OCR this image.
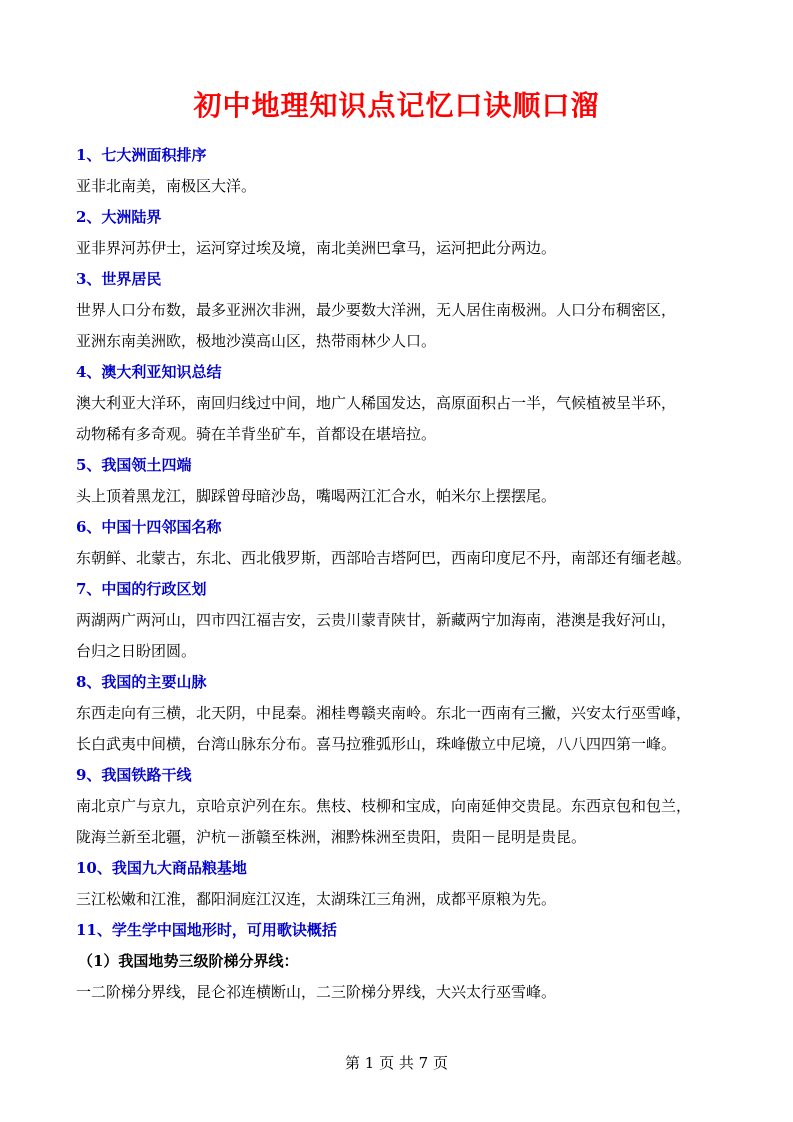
初中地理知识点记忆口诀顺口溜
1、七大洲面积排序
亚非北南美，南极区大洋。
2、大洲陆界
亚非界河苏伊士，运河穿过埃及境，南北美洲巴拿马，运河把此分两边。
3、世界居民
世界人口分布数，最多亚洲次非洲，最少要数大洋洲，无人居住南极洲。人口分布稠密区，
亚洲东南美洲欧，极地沙漠高山区，热带雨林少人口。
4、澳大利亚知识总结
澳大利亚大洋环，南回归线过中间，地广人稀国发达，高原面积占一半，气候植被呈半环，
动物稀有多奇观。骑在羊背坐矿车，首都设在堪培拉。
5、我国领土四端
头上顶着黑龙江，脚踩曾母暗沙岛，嘴喝两江汇合水，帕米尔上摆摆尾。
6、中国十四邻国名称
东朝鲜、北蒙古，东北、西北俄罗斯，西部哈吉塔阿巴，西南印度尼不丹，南部还有缅老越。
7、中国的行政区划
两湖两广两河山，四市四江福吉安，云贵川蒙青陕甘，新藏两宁加海南，港澳是我好河山，
台归之日盼团圆。
8、我国的主要山脉
东西走向有三横，北天阴，中昆秦。湘桂粤赣夹南岭。东北一西南有三撇，兴安太行巫雪峰，
长白武夷中间横，台湾山脉东分布。喜马拉雅弧形山，珠峰傲立中尼境，八八四四第一峰。
9、我国铁路干线
南北京广与京九，京哈京沪列在东。焦枝、枝柳和宝成，向南延伸交贵昆。东西京包和包兰，
陇海兰新至北疆，沪杭－浙赣至株洲，湘黔株洲至贵阳，贵阳－昆明是贵昆。
10、我国九大商品粮基地
三江松嫩和江淮，鄱阳洞庭江汉连，太湖珠江三角洲，成都平原粮为先。
11、学生学中国地形时，可用歌诀概括
（1）我国地势三级阶梯分界线：
一二阶梯分界线，昆仑祁连横断山，二三阶梯分界线，大兴太行巫雪峰。
第 1 页 共 7 页
